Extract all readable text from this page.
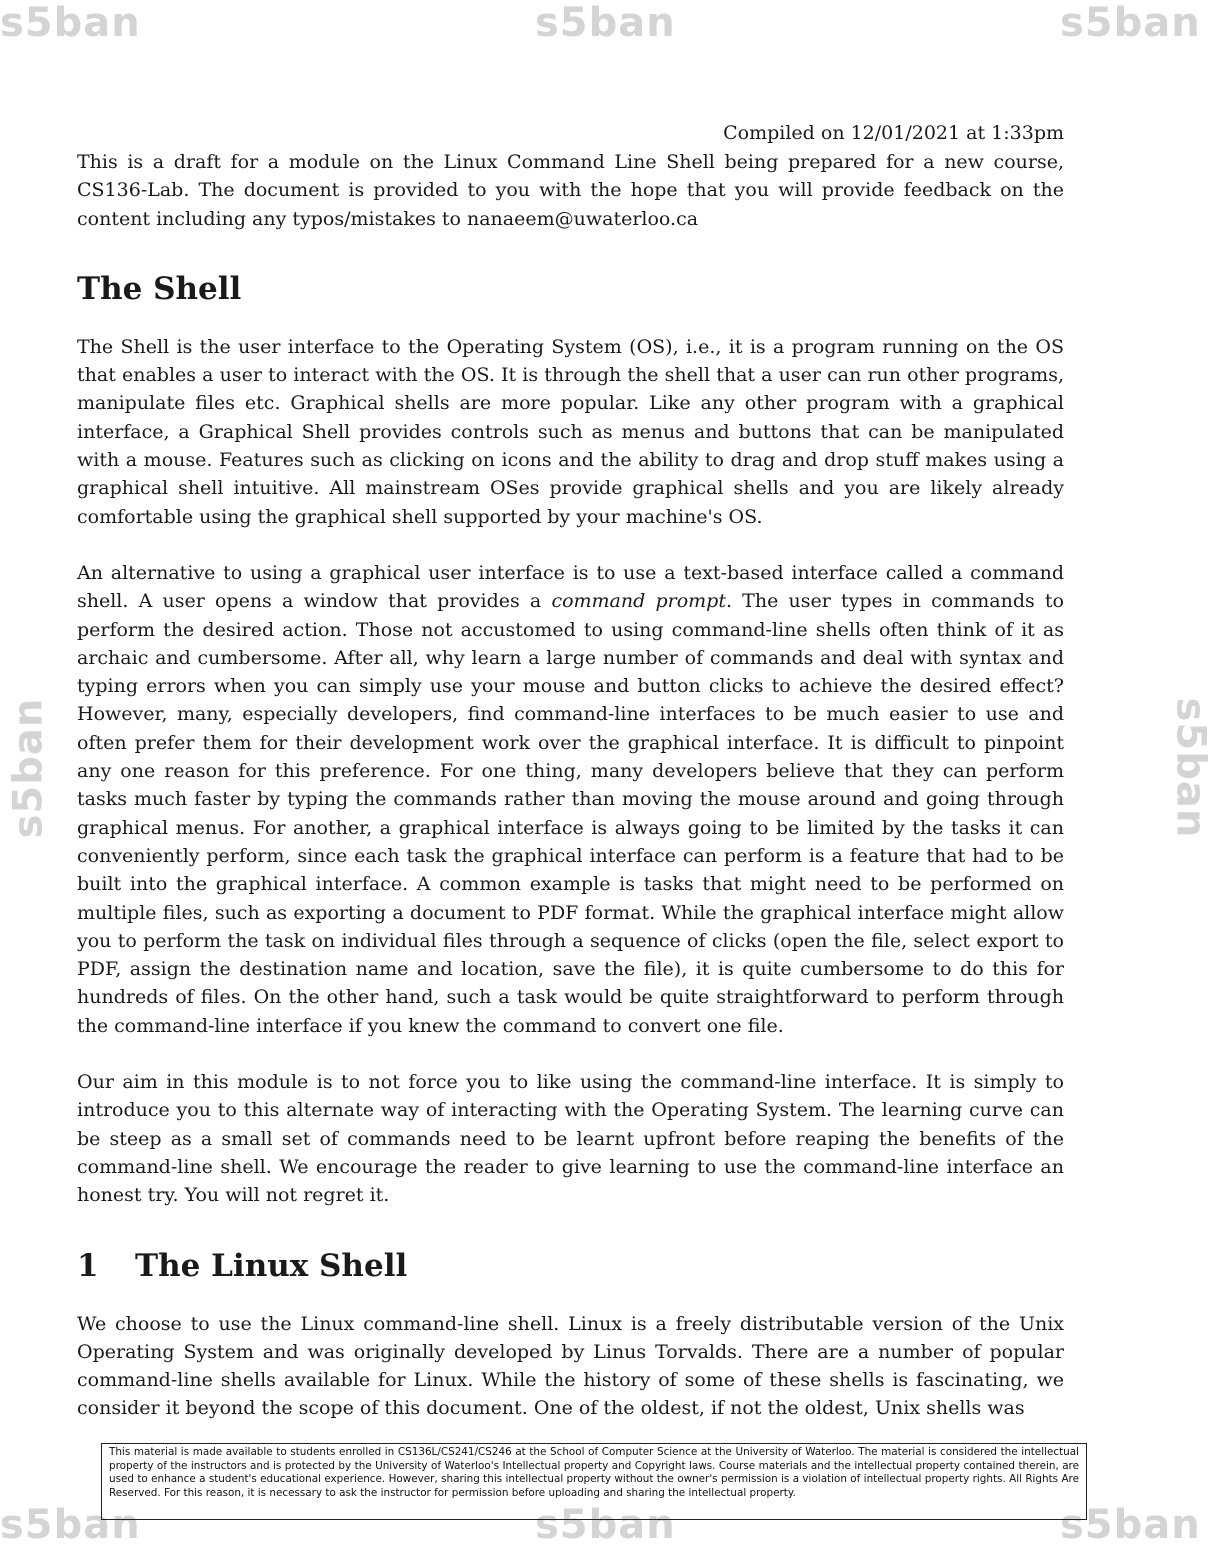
s5ban	s5ban	s5ban
s5ban	s5ban
s5ban	s5ban	s5ban

Compiled on 12/01/2021 at 1:33pm

This is a draft for a module on the Linux Command Line Shell being prepared for a new course, CS136-Lab. The document is provided to you with the hope that you will provide feedback on the content including any typos/mistakes to nanaeem@uwaterloo.ca

The Shell

The Shell is the user interface to the Operating System (OS), i.e., it is a program running on the OS that enables a user to interact with the OS. It is through the shell that a user can run other programs, manipulate files etc. Graphical shells are more popular. Like any other program with a graphical interface, a Graphical Shell provides controls such as menus and buttons that can be manipulated with a mouse. Features such as clicking on icons and the ability to drag and drop stuff makes using a graphical shell intuitive. All mainstream OSes provide graphical shells and you are likely already comfortable using the graphical shell supported by your machine's OS.

An alternative to using a graphical user interface is to use a text-based interface called a command shell. A user opens a window that provides a command prompt. The user types in commands to perform the desired action. Those not accustomed to using command-line shells often think of it as archaic and cumbersome. After all, why learn a large number of commands and deal with syntax and typing errors when you can simply use your mouse and button clicks to achieve the desired effect? However, many, especially developers, find command-line interfaces to be much easier to use and often prefer them for their development work over the graphical interface. It is difficult to pinpoint any one reason for this preference. For one thing, many developers believe that they can perform tasks much faster by typing the commands rather than moving the mouse around and going through graphical menus. For another, a graphical interface is always going to be limited by the tasks it can conveniently perform, since each task the graphical interface can perform is a feature that had to be built into the graphical interface. A common example is tasks that might need to be performed on multiple files, such as exporting a document to PDF format. While the graphical interface might allow you to perform the task on individual files through a sequence of clicks (open the file, select export to PDF, assign the destination name and location, save the file), it is quite cumbersome to do this for hundreds of files. On the other hand, such a task would be quite straightforward to perform through the command-line interface if you knew the command to convert one file.

Our aim in this module is to not force you to like using the command-line interface. It is simply to introduce you to this alternate way of interacting with the Operating System. The learning curve can be steep as a small set of commands need to be learnt upfront before reaping the benefits of the command-line shell. We encourage the reader to give learning to use the command-line interface an honest try. You will not regret it.

1 The Linux Shell

We choose to use the Linux command-line shell. Linux is a freely distributable version of the Unix Operating System and was originally developed by Linus Torvalds. There are a number of popular command-line shells available for Linux. While the history of some of these shells is fascinating, we consider it beyond the scope of this document. One of the oldest, if not the oldest, Unix shells was

This material is made available to students enrolled in CS136L/CS241/CS246 at the School of Computer Science at the University of Waterloo. The material is considered the intellectual property of the instructors and is protected by the University of Waterloo's Intellectual property and Copyright laws. Course materials and the intellectual property contained therein, are used to enhance a student's educational experience. However, sharing this intellectual property without the owner's permission is a violation of intellectual property rights. All Rights Are Reserved. For this reason, it is necessary to ask the instructor for permission before uploading and sharing the intellectual property.
